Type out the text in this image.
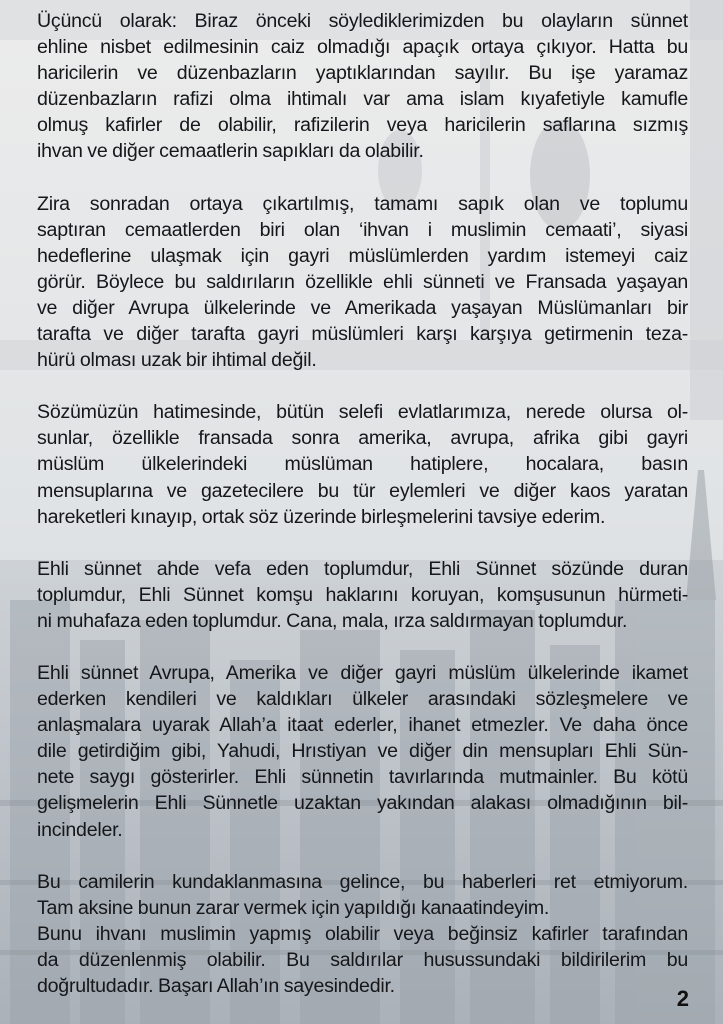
Üçüncü olarak: Biraz önceki söylediklerimizden bu olayların sünnet
ehline nisbet edilmesinin caiz olmadığı apaçık ortaya çıkıyor. Hatta bu
haricilerin ve düzenbazların yaptıklarından sayılır. Bu işe yaramaz
düzenbazların rafizi olma ihtimalı var ama islam kıyafetiyle kamufle
olmuş kafirler de olabilir, rafizilerin veya haricilerin saflarına sızmış
ihvan ve diğer cemaatlerin sapıkları da olabilir.
Zira sonradan ortaya çıkartılmış, tamamı sapık olan ve toplumu
saptıran cemaatlerden biri olan ‘ihvan i muslimin cemaati’, siyasi
hedeflerine ulaşmak için gayri müslümlerden yardım istemeyi caiz
görür. Böylece bu saldırıların özellikle ehli sünneti ve Fransada yaşayan
ve diğer Avrupa ülkelerinde ve Amerikada yaşayan Müslümanları bir
tarafta ve diğer tarafta gayri müslümleri karşı karşıya getirmenin teza-
hürü olması uzak bir ihtimal değil.
Sözümüzün hatimesinde, bütün selefi evlatlarımıza, nerede olursa ol-
sunlar, özellikle fransada sonra amerika, avrupa, afrika gibi gayri
müslüm ülkelerindeki müslüman hatiplere, hocalara, basın
mensuplarına ve gazetecilere bu tür eylemleri ve diğer kaos yaratan
hareketleri kınayıp, ortak söz üzerinde birleşmelerini tavsiye ederim.
Ehli sünnet ahde vefa eden toplumdur, Ehli Sünnet sözünde duran
toplumdur, Ehli Sünnet komşu haklarını koruyan, komşusunun hürmeti-
ni muhafaza eden toplumdur. Cana, mala, ırza saldırmayan toplumdur.
Ehli sünnet Avrupa, Amerika ve diğer gayri müslüm ülkelerinde ikamet
ederken kendileri ve kaldıkları ülkeler arasındaki sözleşmelere ve
anlaşmalara uyarak Allah’a itaat ederler, ihanet etmezler. Ve daha önce
dile getirdiğim gibi, Yahudi, Hrıstiyan ve diğer din mensupları Ehli Sün-
nete saygı gösterirler. Ehli sünnetin tavırlarında mutmainler. Bu kötü
gelişmelerin Ehli Sünnetle uzaktan yakından alakası olmadığının bil-
incindeler.
Bu camilerin kundaklanmasına gelince, bu haberleri ret etmiyorum.
Tam aksine bunun zarar vermek için yapıldığı kanaatindeyim.
Bunu ihvanı muslimin yapmış olabilir veya beğinsiz kafirler tarafından
da düzenlenmiş olabilir. Bu saldırılar husussundaki bildirilerim bu
doğrultudadır. Başarı Allah’ın sayesindedir.	2
